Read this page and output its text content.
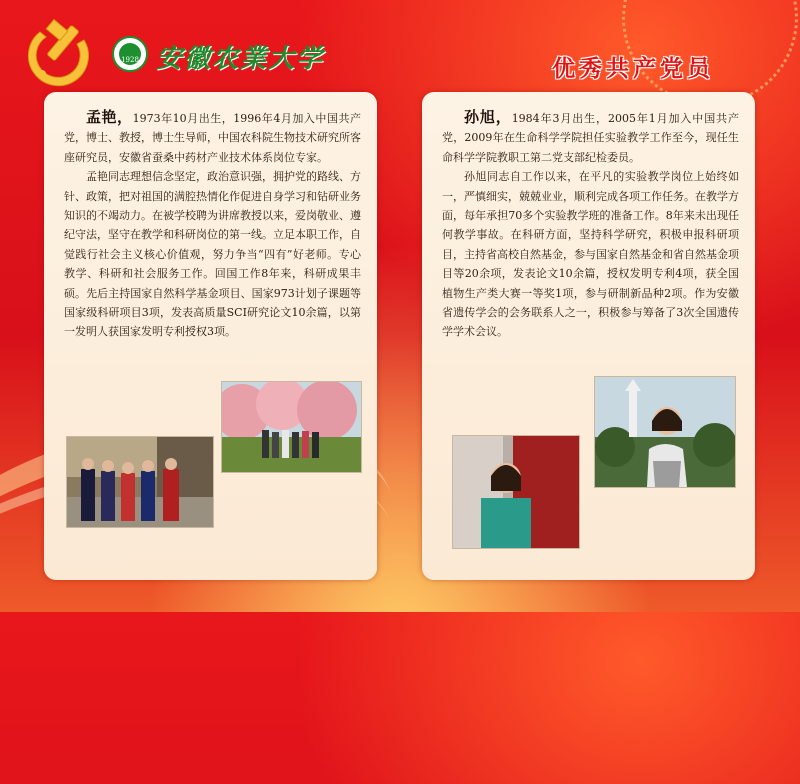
1928 安徽农業大学	优秀共产党员

孟艳，1973年10月出生，1996年4月加入中国共产党，博士、教授，博士生导师，中国农科院生物技术研究所客座研究员，安徽省蚕桑中药材产业技术体系岗位专家。

孟艳同志理想信念坚定，政治意识强，拥护党的路线、方针、政策，把对祖国的满腔热情化作促进自身学习和钻研业务知识的不竭动力。在被学校聘为讲席教授以来，爱岗敬业、遵纪守法，坚守在教学和科研岗位的第一线。立足本职工作，自觉践行社会主义核心价值观，努力争当“四有”好老师。专心教学、科研和社会服务工作。回国工作8年来，科研成果丰硕。先后主持国家自然科学基金项目、国家973计划子课题等国家级科研项目3项，发表高质量SCI研究论文10余篇，以第一发明人获国家发明专利授权3项。

孙旭，1984年3月出生，2005年1月加入中国共产党，2009年在生命科学学院担任实验教学工作至今，现任生命科学学院教职工第二党支部纪检委员。

孙旭同志自工作以来，在平凡的实验教学岗位上始终如一，严慎细实，兢兢业业，顺利完成各项工作任务。在教学方面，每年承担70多个实验教学班的准备工作。8年来未出现任何教学事故。在科研方面，坚持科学研究，积极申报科研项目，主持省高校自然基金，参与国家自然基金和省自然基金项目等20余项，发表论文10余篇，授权发明专利4项，获全国植物生产类大赛一等奖1项，参与研制新品种2项。作为安徽省遗传学会的会务联系人之一，积极参与筹备了3次全国遗传学学术会议。
